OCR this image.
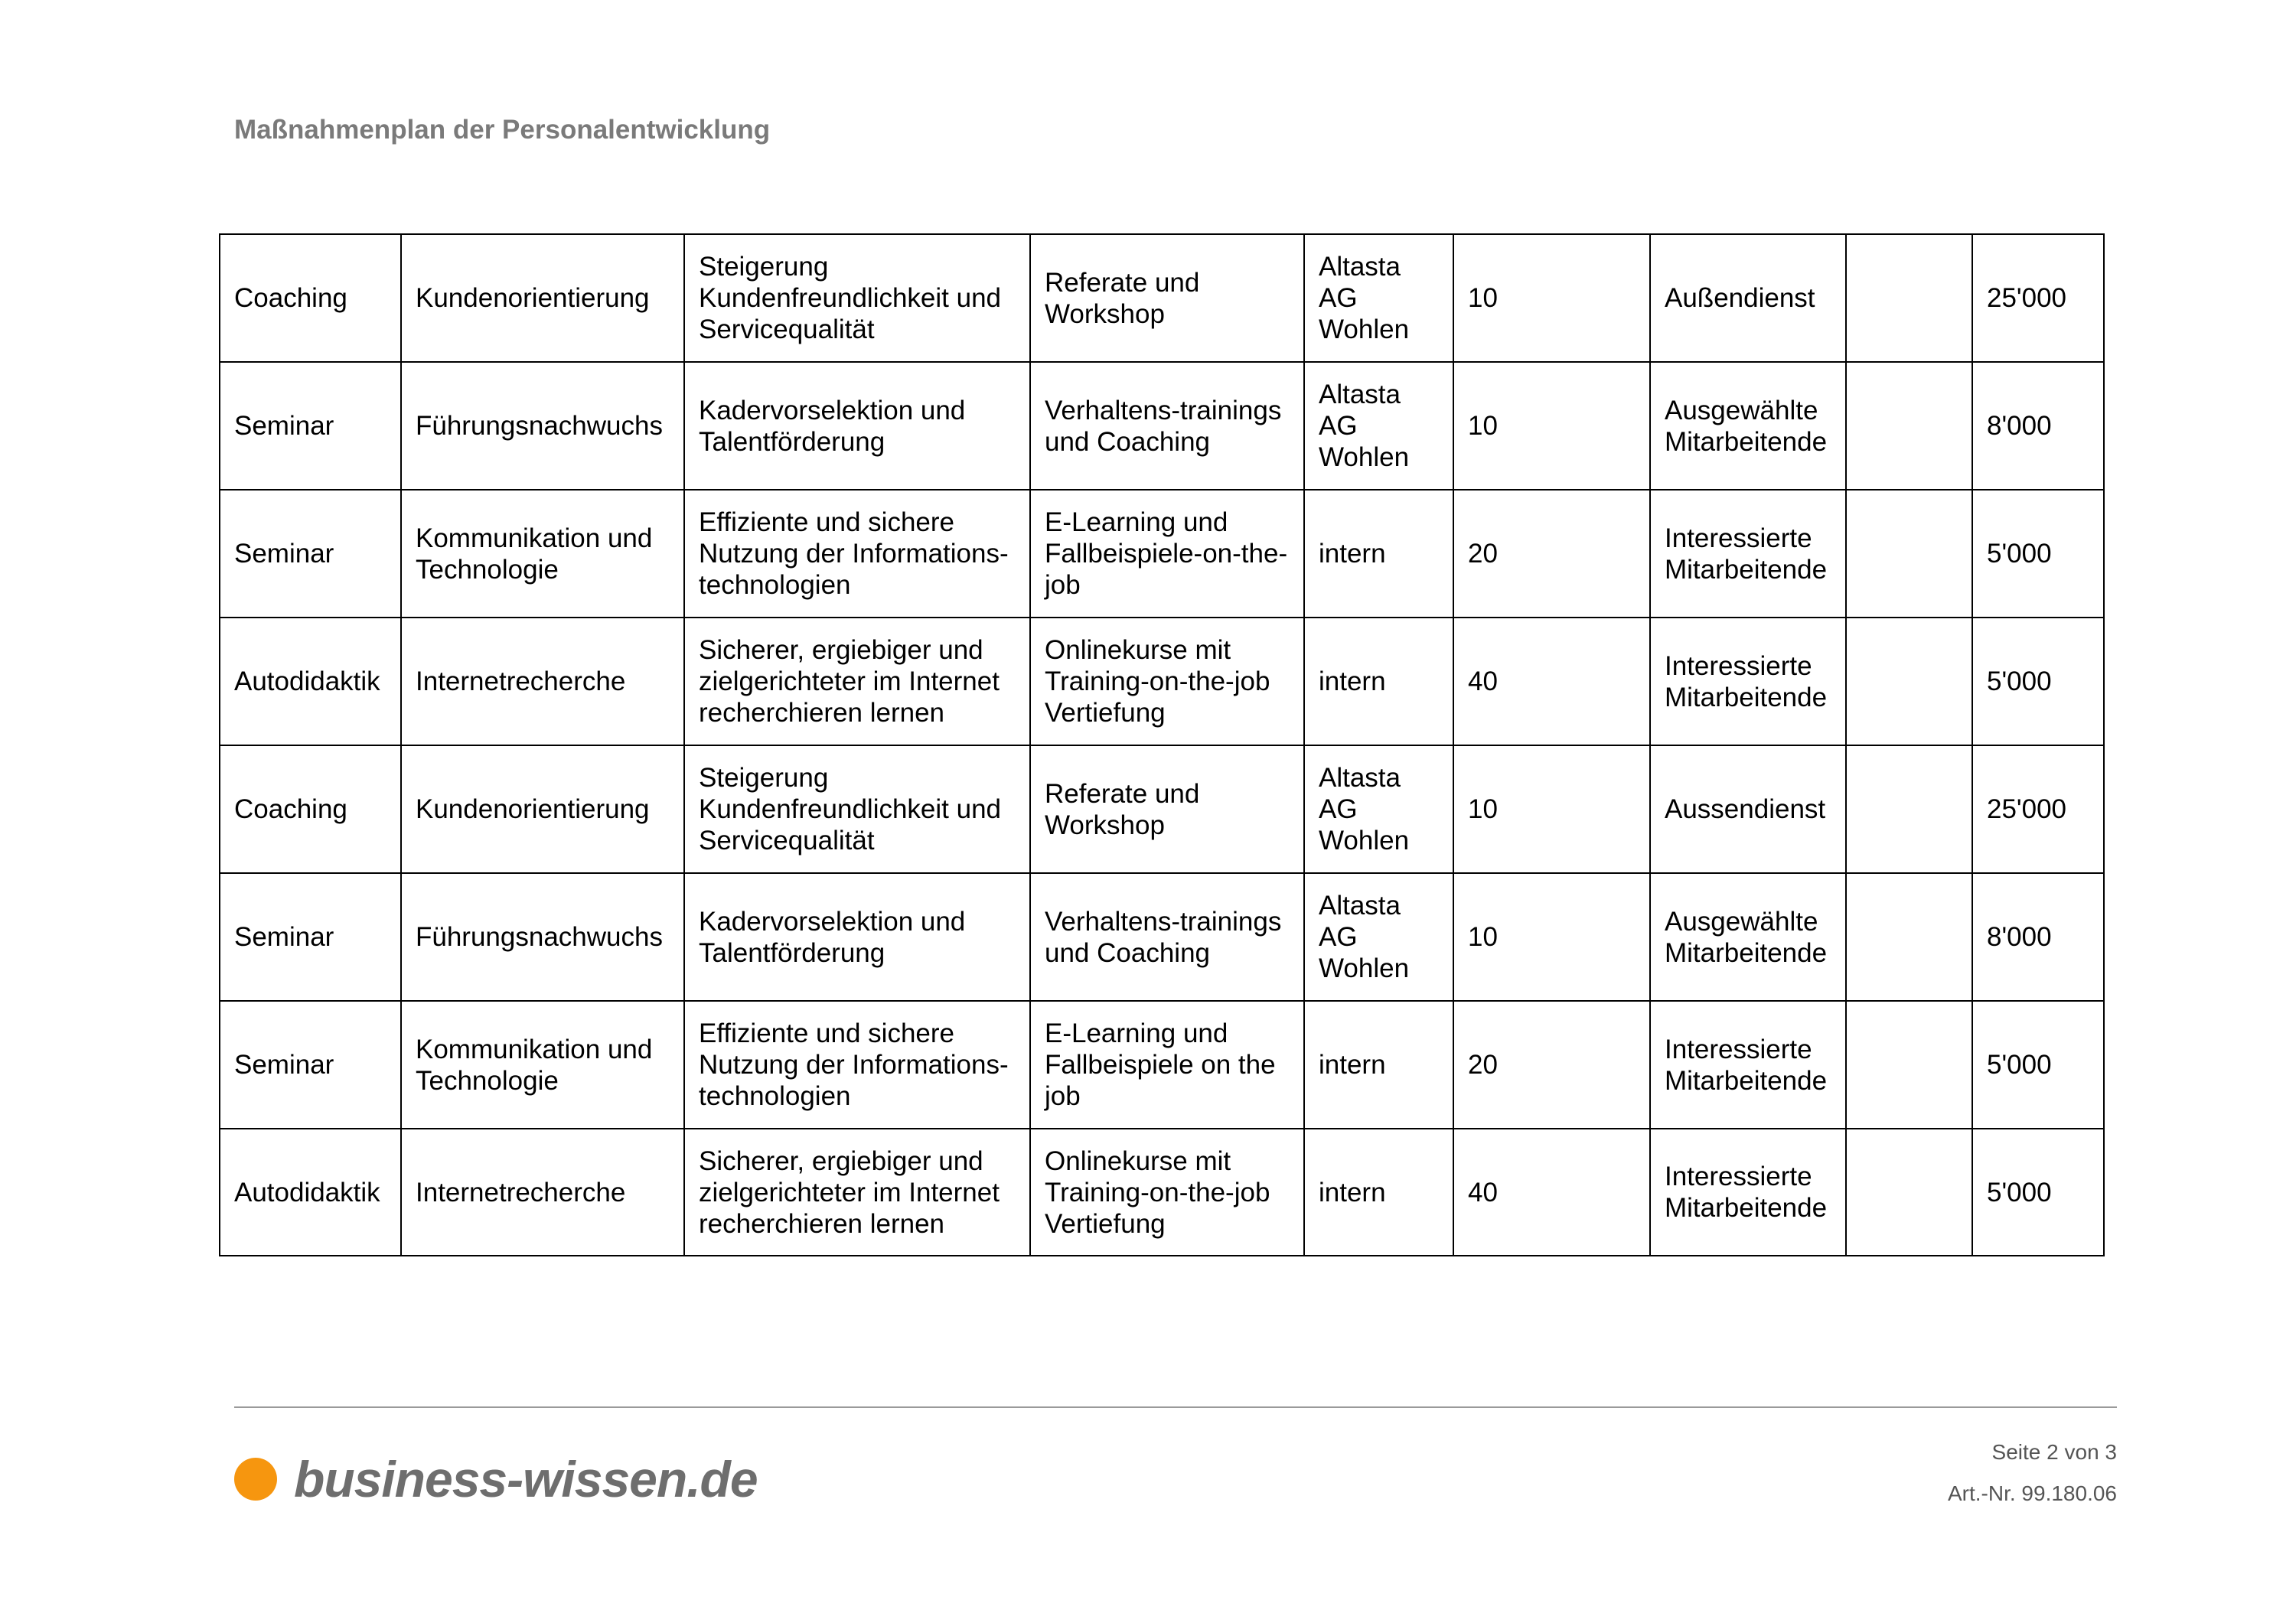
Maßnahmenplan der Personalentwicklung
Coaching	Kundenorientierung	Steigerung Kundenfreundlichkeit und Servicequalität	Referate und Workshop	Altasta AG Wohlen	10	Außendienst		25'000
Seminar	Führungsnachwuchs	Kadervorselektion und Talentförderung	Verhaltens-trainings und Coaching	Altasta AG Wohlen	10	Ausgewählte Mitarbeitende		8'000
Seminar	Kommunikation und Technologie	Effiziente und sichere Nutzung der Informations-technologien	E-Learning und Fallbeispiele-on-the-job	intern	20	Interessierte Mitarbeitende		5'000
Autodidaktik	Internetrecherche	Sicherer, ergiebiger und zielgerichteter im Internet recherchieren lernen	Onlinekurse mit Training-on-the-job Vertiefung	intern	40	Interessierte Mitarbeitende		5'000
Coaching	Kundenorientierung	Steigerung Kundenfreundlichkeit und Servicequalität	Referate und Workshop	Altasta AG Wohlen	10	Aussendienst		25'000
Seminar	Führungsnachwuchs	Kadervorselektion und Talentförderung	Verhaltens-trainings und Coaching	Altasta AG Wohlen	10	Ausgewählte Mitarbeitende		8'000
Seminar	Kommunikation und Technologie	Effiziente und sichere Nutzung der Informations-technologien	E-Learning und Fallbeispiele on the job	intern	20	Interessierte Mitarbeitende		5'000
Autodidaktik	Internetrecherche	Sicherer, ergiebiger und zielgerichteter im Internet recherchieren lernen	Onlinekurse mit Training-on-the-job Vertiefung	intern	40	Interessierte Mitarbeitende		5'000
business-wissen.de	Seite 2 von 3
Art.-Nr. 99.180.06
